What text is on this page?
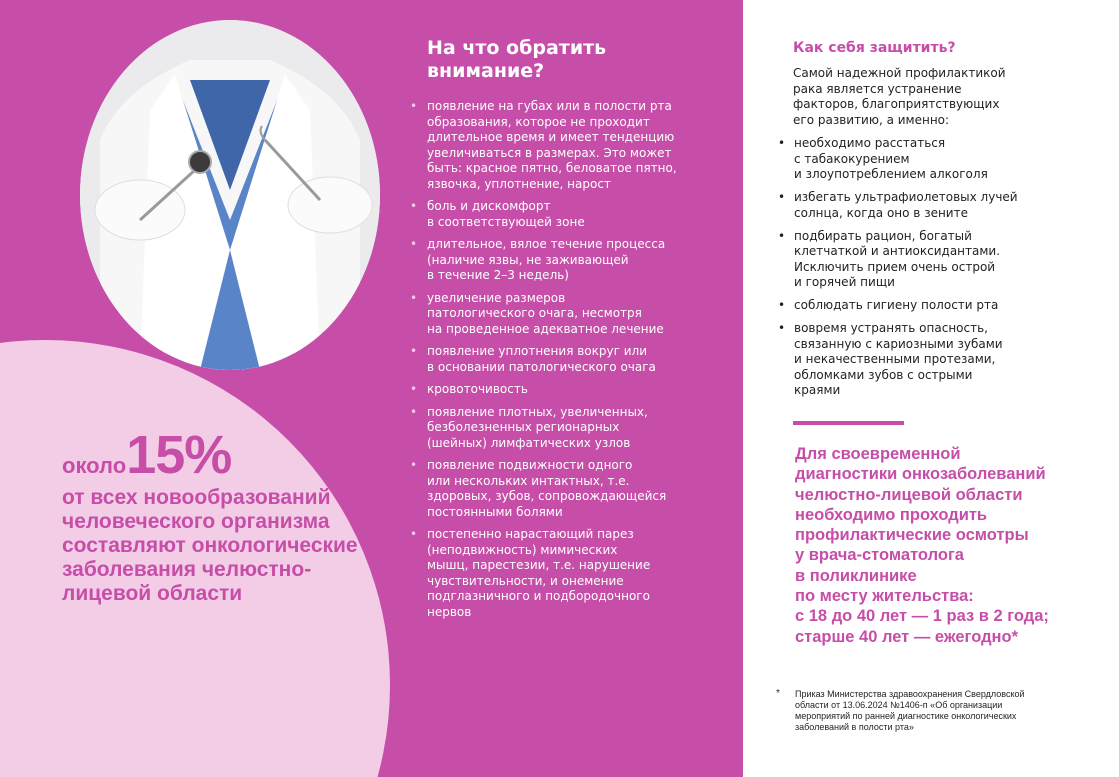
около15%
от всех новообразований человеческого организма составляют онкологические заболевания челюстно-лицевой области
На что обратить внимание?
• появление на губах или в полости рта
образования, которое не проходит
длительное время и имеет тенденцию
увеличиваться в размерах. Это может
быть: красное пятно, беловатое пятно,
язвочка, уплотнение, нарост
• боль и дискомфорт
в соответствующей зоне
• длительное, вялое течение процесса
(наличие язвы, не заживающей
в течение 2–3 недель)
• увеличение размеров
патологического очага, несмотря
на проведенное адекватное лечение
• появление уплотнения вокруг или
в основании патологического очага
• кровоточивость
• появление плотных, увеличенных,
безболезненных регионарных
(шейных) лимфатических узлов
• появление подвижности одного
или нескольких интактных, т.е.
здоровых, зубов, сопровождающейся
постоянными болями
• постепенно нарастающий парез
(неподвижность) мимических
мышц, парестезии, т.е. нарушение
чувствительности, и онемение
подглазничного и подбородочного
нервов
Как себя защитить?
Самой надежной профилактикой
рака является устранение
факторов, благоприятствующих
его развитию, а именно:
• необходимо расстаться
с табакокурением
и злоупотреблением алкоголя
• избегать ультрафиолетовых лучей
солнца, когда оно в зените
• подбирать рацион, богатый
клетчаткой и антиоксидантами.
Исключить прием очень острой
и горячей пищи
• соблюдать гигиену полости рта
• вовремя устранять опасность,
связанную с кариозными зубами
и некачественными протезами,
обломками зубов с острыми
краями
Для своевременной
диагностики онкозаболеваний
челюстно-лицевой области
необходимо проходить
профилактические осмотры
у врача-стоматолога
в поликлинике
по месту жительства:
с 18 до 40 лет — 1 раз в 2 года;
старше 40 лет — ежегодно*
* Приказ Министерства здравоохранения Свердловской
области от 13.06.2024 №1406-п «Об организации
мероприятий по ранней диагностике онкологических
заболеваний в полости рта»
